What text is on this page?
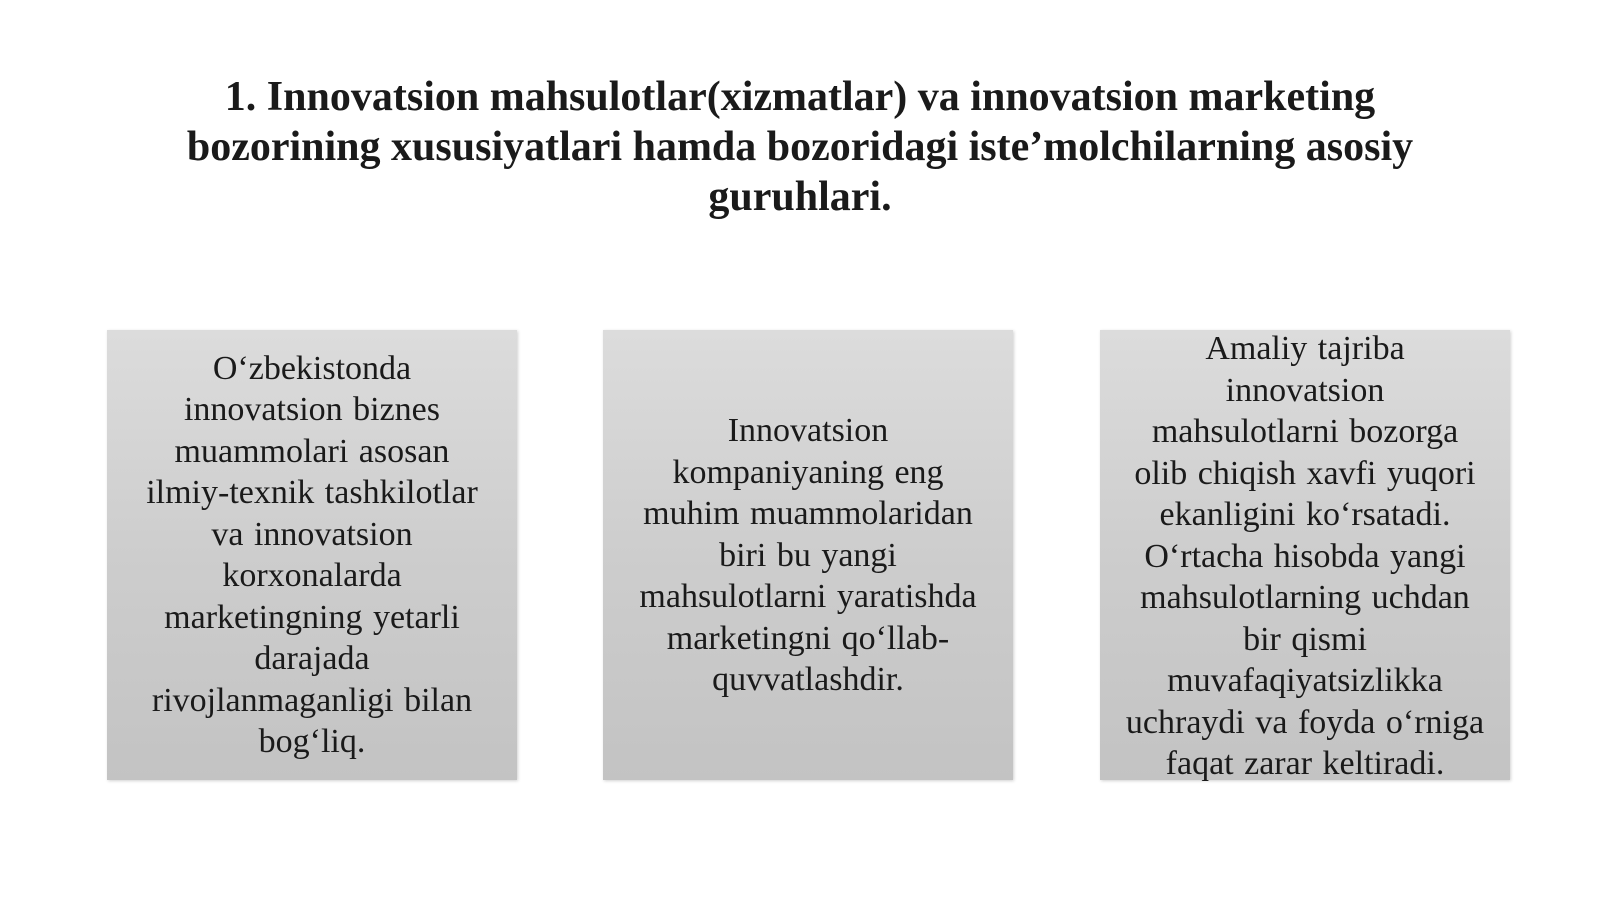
1. Innovatsion mahsulotlar(xizmatlar) va innovatsion marketing
bozorining xususiyatlari hamda bozoridagi iste’molchilarning asosiy
guruhlari.

O‘zbekistonda
innovatsion biznes
muammolari asosan
ilmiy-texnik tashkilotlar
va innovatsion
korxonalarda
marketingning yetarli
darajada
rivojlanmaganligi bilan
bog‘liq.

Innovatsion
kompaniyaning eng
muhim muammolaridan
biri bu yangi
mahsulotlarni yaratishda
marketingni qo‘llab-
quvvatlashdir.

Amaliy tajriba
innovatsion
mahsulotlarni bozorga
olib chiqish xavfi yuqori
ekanligini ko‘rsatadi.
O‘rtacha hisobda yangi
mahsulotlarning uchdan
bir qismi
muvafaqiyatsizlikka
uchraydi va foyda o‘rniga
faqat zarar keltiradi.
